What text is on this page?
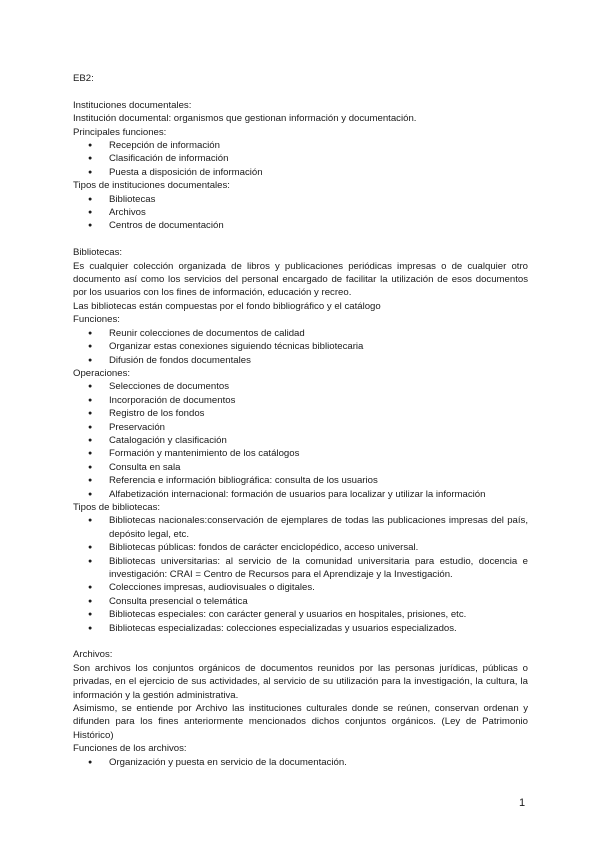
EB2:

Instituciones documentales:

Institución documental: organismos que gestionan información y documentación.

Principales funciones:

● Recepción de información
● Clasificación de información
● Puesta a disposición de información

Tipos de instituciones documentales:

● Bibliotecas
● Archivos
● Centros de documentación

Bibliotecas:

Es cualquier colección organizada de libros y publicaciones periódicas impresas o de cualquier otro documento así como los servicios del personal encargado de facilitar la utilización de esos documentos por los usuarios con los fines de información, educación y recreo.

Las bibliotecas están compuestas por el fondo bibliográfico y el catálogo

Funciones:

● Reunir colecciones de documentos de calidad
● Organizar estas conexiones siguiendo técnicas bibliotecaria
● Difusión de fondos documentales

Operaciones:

● Selecciones de documentos
● Incorporación de documentos
● Registro de los fondos
● Preservación
● Catalogación y clasificación
● Formación y mantenimiento de los catálogos
● Consulta en sala
● Referencia e información bibliográfica: consulta de los usuarios
● Alfabetización internacional: formación de usuarios para localizar y utilizar la información

Tipos de bibliotecas:

● Bibliotecas nacionales:conservación de ejemplares de todas las publicaciones impresas del país, depósito legal, etc.
● Bibliotecas públicas: fondos de carácter enciclopédico, acceso universal.
● Bibliotecas universitarias: al servicio de la comunidad universitaria para estudio, docencia e investigación: CRAI = Centro de Recursos para el Aprendizaje y la Investigación.
● Colecciones impresas, audiovisuales o digitales.
● Consulta presencial o telemática
● Bibliotecas especiales: con carácter general y usuarios en hospitales, prisiones, etc.
● Bibliotecas especializadas: colecciones especializadas y usuarios especializados.

Archivos:

Son archivos los conjuntos orgánicos de documentos reunidos por las personas jurídicas, públicas o privadas, en el ejercicio de sus actividades, al servicio de su utilización para la investigación, la cultura, la información y la gestión administrativa.

Asimismo, se entiende por Archivo las instituciones culturales donde se reúnen, conservan ordenan y difunden para los fines anteriormente mencionados dichos conjuntos orgánicos. (Ley de Patrimonio Histórico)

Funciones de los archivos:

● Organización y puesta en servicio de la documentación.
1
